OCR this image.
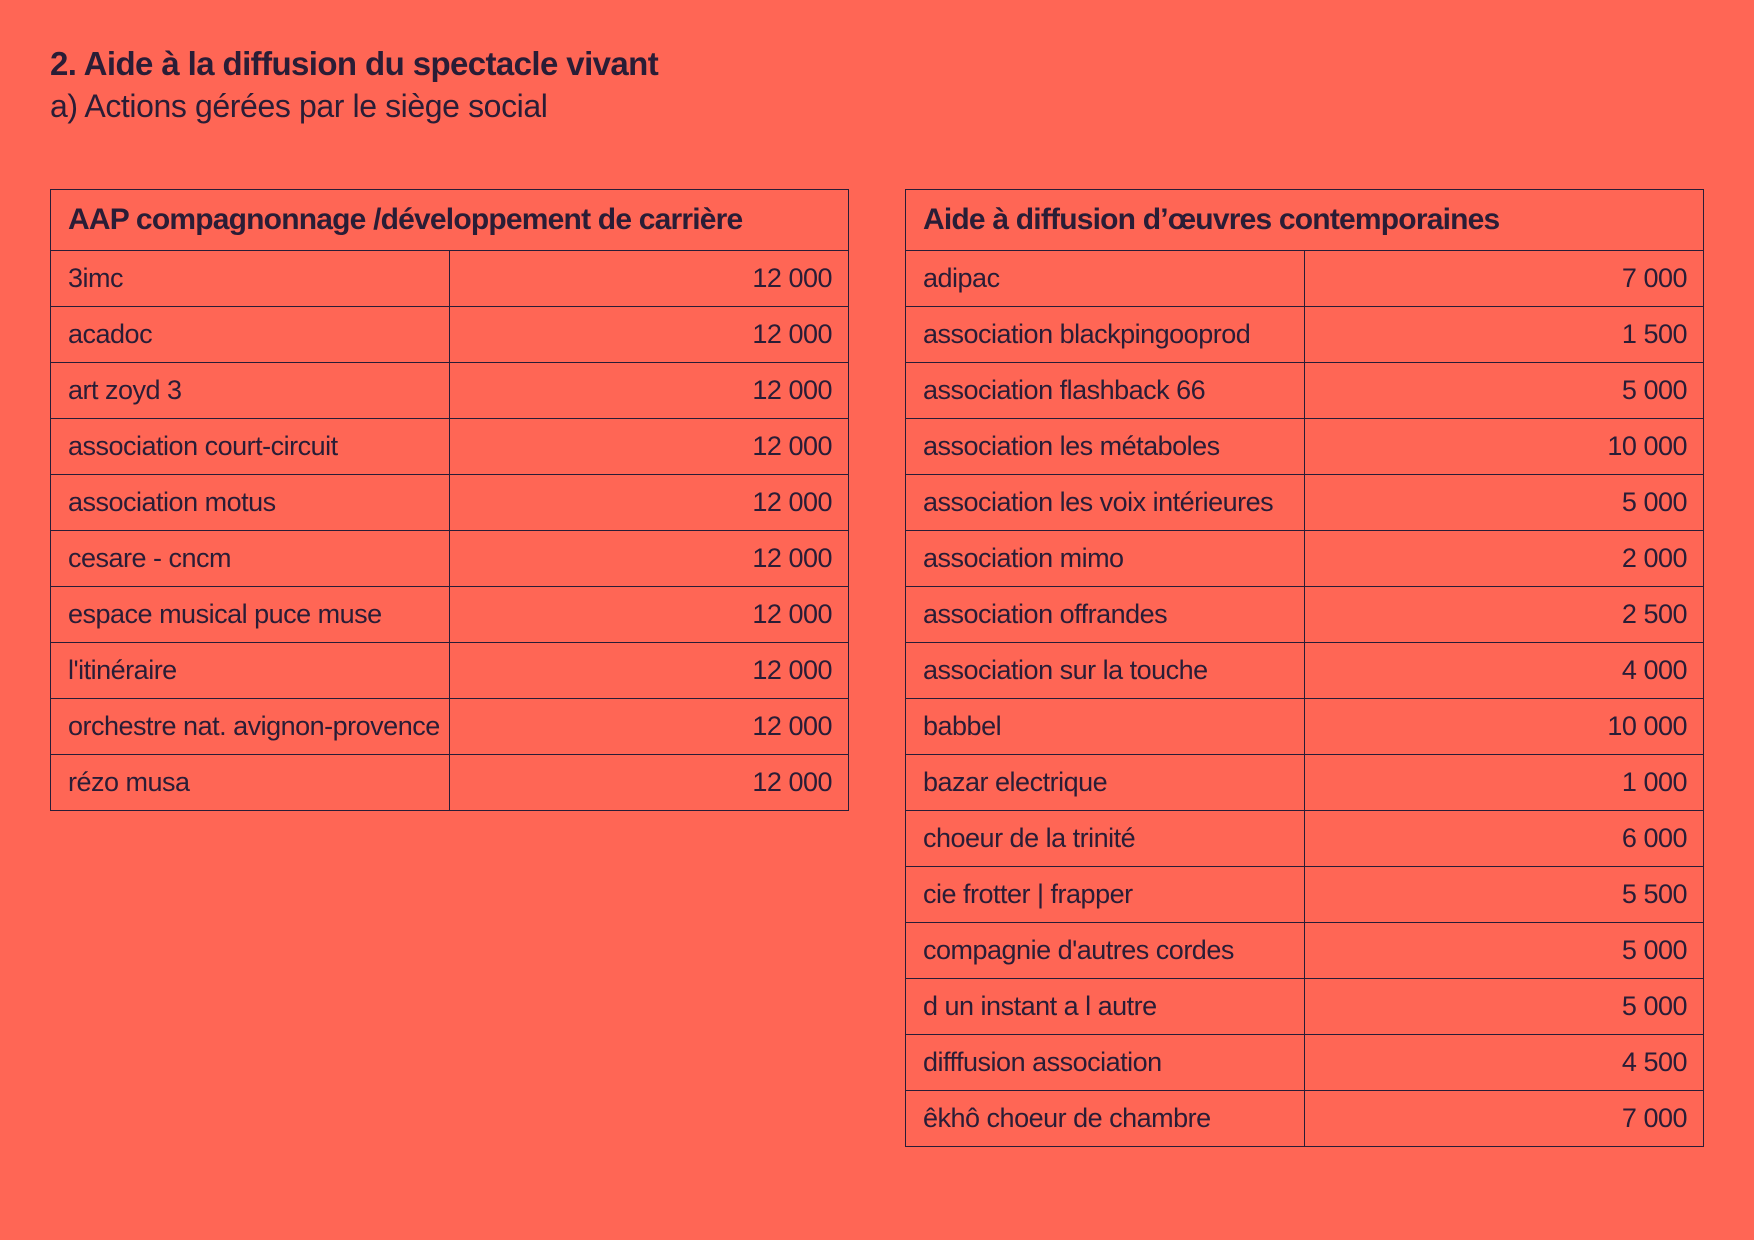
2. Aide à la diffusion du spectacle vivant
a) Actions gérées par le siège social
AAP compagnonnage /développement de carrière	
3imc	12 000
acadoc	12 000
art zoyd 3	12 000
association court-circuit	12 000
association motus	12 000
cesare - cncm	12 000
espace musical puce muse	12 000
l'itinéraire	12 000
orchestre nat. avignon-provence	12 000
rézo musa	12 000
Aide à diffusion d’œuvres contemporaines	
adipac	7 000
association blackpingooprod	1 500
association flashback 66	5 000
association les métaboles	10 000
association les voix intérieures	5 000
association mimo	2 000
association offrandes	2 500
association sur la touche	4 000
babbel	10 000
bazar electrique	1 000
choeur de la trinité	6 000
cie frotter | frapper	5 500
compagnie d'autres cordes	5 000
d un instant a l autre	5 000
difffusion association	4 500
êkhô choeur de chambre	7 000
